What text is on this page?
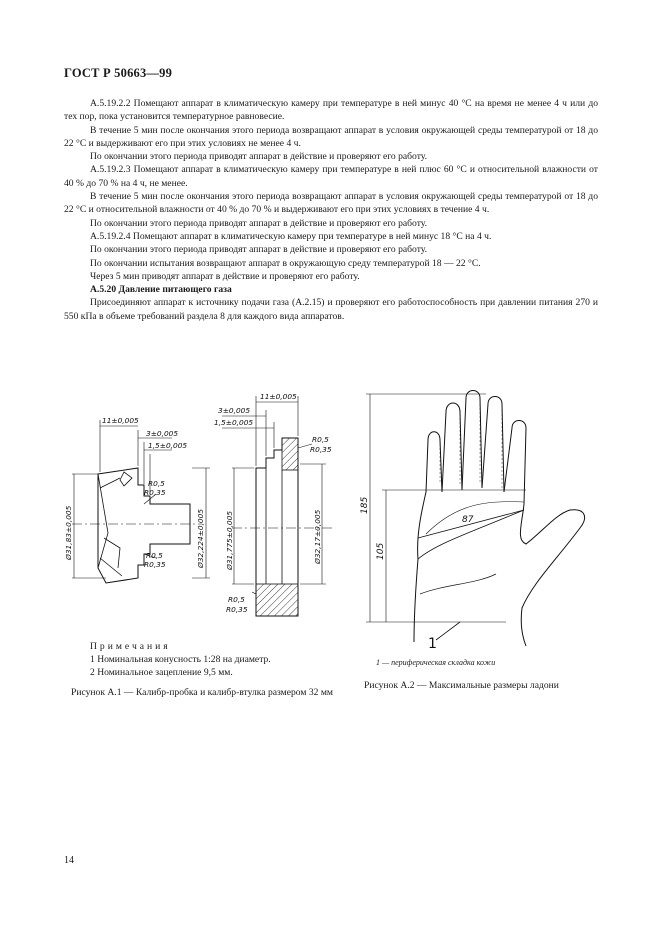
ГОСТ Р 50663—99

А.5.19.2.2 Помещают аппарат в климатическую камеру при температуре в ней минус 40 °С на время не менее 4 ч или до тех пор, пока установится температурное равновесие.

В течение 5 мин после окончания этого периода возвращают аппарат в условия окружающей среды температурой от 18 до 22 °С и выдерживают его при этих условиях не менее 4 ч.

По окончании этого периода приводят аппарат в действие и проверяют его работу.

А.5.19.2.3 Помещают аппарат в климатическую камеру при температуре в ней плюс 60 °С и относительной влажности от 40 % до 70 % на 4 ч, не менее.

В течение 5 мин после окончания этого периода возвращают аппарат в условия окружающей среды температурой от 18 до 22 °С и относительной влажности от 40 % до 70 % и выдерживают его при этих условиях в течение 4 ч.

По окончании этого периода приводят аппарат в действие и проверяют его работу.

А.5.19.2.4 Помещают аппарат в климатическую камеру при температуре в ней минус 18 °С на 4 ч.

По окончании этого периода приводят аппарат в действие и проверяют его работу.

По окончании испытания возвращают аппарат в окружающую среду температурой 18 — 22 °С.

Через 5 мин приводят аппарат в действие и проверяют его работу.

А.5.20 Давление питающего газа

Присоединяют аппарат к источнику подачи газа (А.2.15) и проверяют его работоспособность при давлении питания 270 и 550 кПа в объеме требований раздела 8 для каждого вида аппаратов.

11±0,005
3±0,005
1,5±0,005
R0,5
R0,35
R0,5
R0,35
Ø31,83±0,005	Ø32,224±0,005
11±0,005
3±0,005
1,5±0,005
R0,5
R0,35
R0,5
R0,35
Ø31,775±0,005	Ø32,17±0,005
Примечания
1 Номинальная конусность 1:28 на диаметр.
2 Номинальное зацепление 9,5 мм.
Рисунок А.1 — Калибр-пробка и калибр-втулка размером 32 мм
185
105
87
1
1 — периферическая складка кожи
Рисунок А.2 — Максимальные размеры ладони
14
